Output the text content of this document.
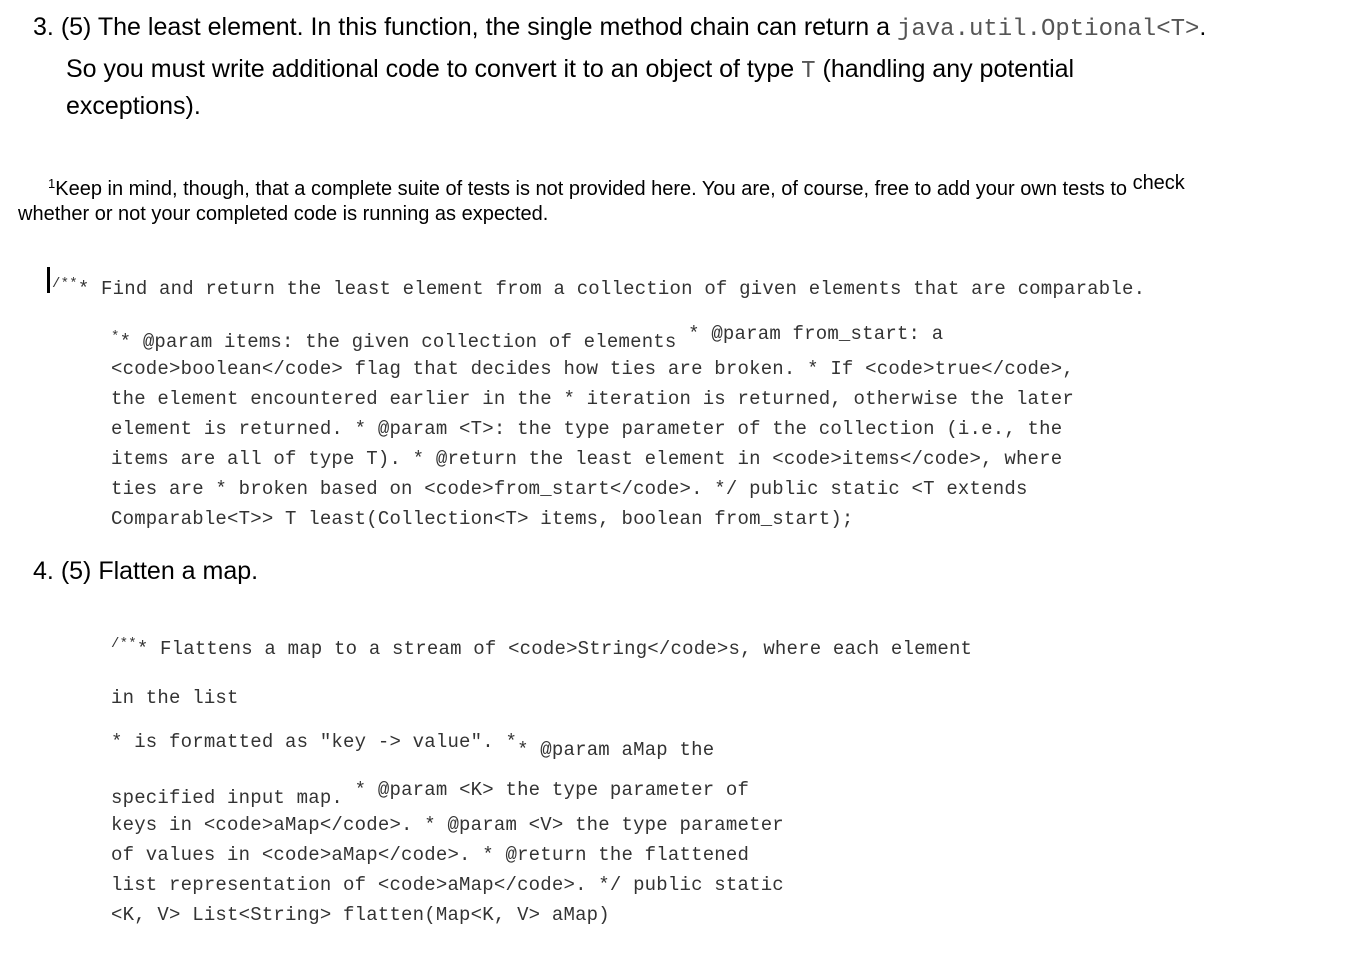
3. (5) The least element. In this function, the single method chain can return a java.util.Optional<T>.
So you must write additional code to convert it to an object of type T (handling any potential
exceptions).
$^1$Keep in mind, though, that a complete suite of tests is not provided here. You are, of course, free to add your own tests to check
whether or not your completed code is running as expected.
/*** Find and return the least element from a collection of given elements that are comparable.
** @param items: the given collection of elements * @param from_start: a
<code>boolean</code> flag that decides how ties are broken. * If <code>true</code>,
the element encountered earlier in the * iteration is returned, otherwise the later
element is returned. * @param <T>: the type parameter of the collection (i.e., the
items are all of type T). * @return the least element in <code>items</code>, where
ties are * broken based on <code>from_start</code>. */ public static <T extends
Comparable<T>> T least(Collection<T> items, boolean from_start);
4. (5) Flatten a map.
/*** Flattens a map to a stream of <code>String</code>s, where each element
in the list
* is formatted as "key -> value". ** @param aMap the
specified input map. * @param <K> the type parameter of
keys in <code>aMap</code>. * @param <V> the type parameter
of values in <code>aMap</code>. * @return the flattened
list representation of <code>aMap</code>. */ public static
<K, V> List<String> flatten(Map<K, V> aMap)
